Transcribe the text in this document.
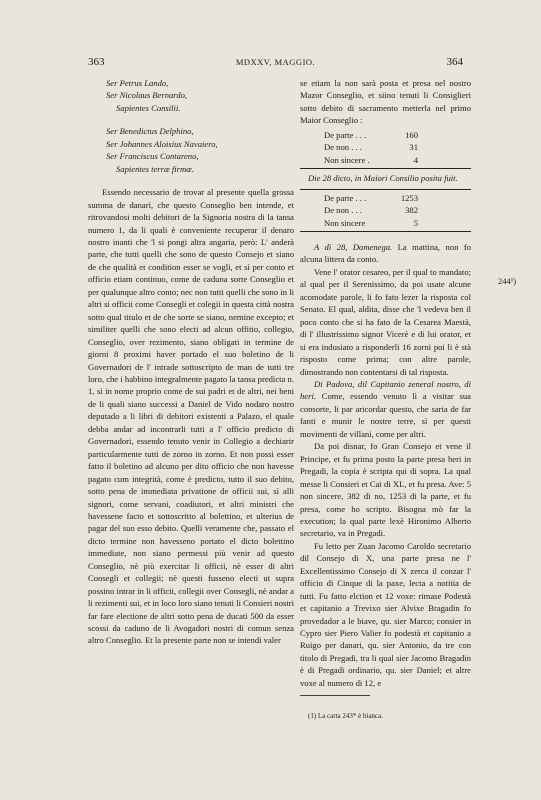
363	MDXXV, MAGGIO.	364
244¹)
Ser Petrus Lando,
Ser Nicolaus Bernardo,
Sapientes Consilii.
Ser Benedictus Delphino,
Ser Johannes Aloisius Navaiero,
Ser Franciscus Contareno,
Sapientes terræ firmæ.

Essendo necessario de trovar al presente quella grossa summa de danari, che questo Conseglio ben intende, et ritrovandosi molti debitori de la Signoria nostra di la tansa numero 1, da li quali è conveniente recuperar il denaro nostro inanti che 'l si pongi altra angaria, però: L' anderà parte, che tutti quelli che sono de questo Consejo et siano de che qualità et condition esser se vogli, et sì per conto et officio etiam continuo, come de caduna sorte Conseglio et per qualunque altro conto; nec non tutti quelli che sono in li altri si officii come Consegli et colegii in questa città nostra sotto qual titulo et de che sorte se siano, nemine excepto; et similiter quelli che sono electi ad alcun offitio, collegio, Conseglio, over rezimento, siano obligati in termine de giorni 8 proximi haver portado el suo boletino de li Governadori de l' intrade sottoscripto de man de tutti tre loro, che i habbino integralmente pagato la tansa predicta n. 1, sì in nome proprio come de sui padri et de altri, nei beni de li quali siano successi a Daniel de Vido nodaro nostro deputado a li libri di debitori existenti a Palazo, el quale debba andar ad incontrarli tutti a l' officio predicto di Governadori, essendo tenuto venir in Collegio a dechiarir particularmente tutti de zorno in zorno. Et non possi esser fatto il boletino ad alcuno per dito officio che non havesse pagato cum integrità, come è predicto, tutto il suo debito, sotto pena de immediata privatione de officii sui, sì alli signori, come servani, coadiutori, et altri ministri che havessene facto et sottoscritto al bolettino, et ulterius de pagar del suo esso debito. Quelli veramente che, passato el dicto termine non havesseno portato el dicto bolettino immediate, non siano permessi più venir ad questo Conseglio, nè più exercitar li officii, nè esser di altri Consegli et collegii; nè questi fusseno electi ut supra possino intrar in li officii, collegii over Consegli, nè andar a li rezimenti sui, et in loco loro siano tenuti li Consieri nostri far fare electione de altri sotto pena de ducati 500 da esser scossi da caduno de li Avogadori nostri di comun senza altro Conseglio. Et la presente parte non se intendi valer

se etiam la non sarà posta et presa nel nostro Mazor Conseglio, et siino tenuti li Consiglieri sotto debito di sacramento metterla nel primo Maior Conseglio :

De parte . . .	160
De non . . .	31
Non sincere .	4
Die 28 dicto, in Maiori Consilio posita fuit.
De parte . . .	1253
De non . . .	382
Non sincere	5

A dì 28, Domenega. La mattina, non fo alcuna littera da conto.

Vene l' orator cesareo, per il qual to mandato; al qual per il Serenissimo, da poi usate alcune acomodate parole, li fo fato lezer la risposta col Senato. El qual, aldita, disse che 'l vedeva ben il poco conto che si ha fato de la Cesarea Maestà, di l' illustrissimo signor Vicerè e di lui orator, et si era indusiato a risponderli 16 zorni poi li è stà risposto come prima; con altre parole, dimostrando non contentarsi di tal risposta.

Di Padova, dil Capitanio zeneral nostro, di heri. Come, essendo venuto lì a visitar sua consorte, li par aricordar questo, che saria de far fanti e munir le nostre terre, sì per questi movimenti de villani, come per altri.

Da poi disnar, fo Gran Consejo et vene il Principe, et fu prima posto la parte presa heri in Pregadi, la copia è scripta qui di sopra. La qual messe li Consieri et Cai di XL, et fu presa. Ave: 5 non sincere, 382 di no, 1253 di la parte, et fu presa, come ho scripto. Bisogna mò far la execution; la qual parte lexè Hironimo Alberto secretario, va in Pregadi.

Fu letto per Zuan Jacomo Caroldo secretario dil Consejo di X, una parte presa ne l' Excellentissimo Consejo di X zerca il conzar l' officio di Cinque di la paxe, lecta a notitia de tutti. Fu fatto elction et 12 voxe: rimase Podestà et capitanio a Trevixo sier Alvixe Bragadin fo provedador a le biave, qu. sier Marco; consier in Cypro sier Piero Valier fo podestà et capitanio a Ruigo per danari, qu. sier Antonio, da tre con titolo di Pregadi, tra li qual sier Jacomo Bragadin è di Pregadi ordinario, qu. sier Daniel; et altre voxe al numero di 12, e

(1) La carta 243* è bianca.
